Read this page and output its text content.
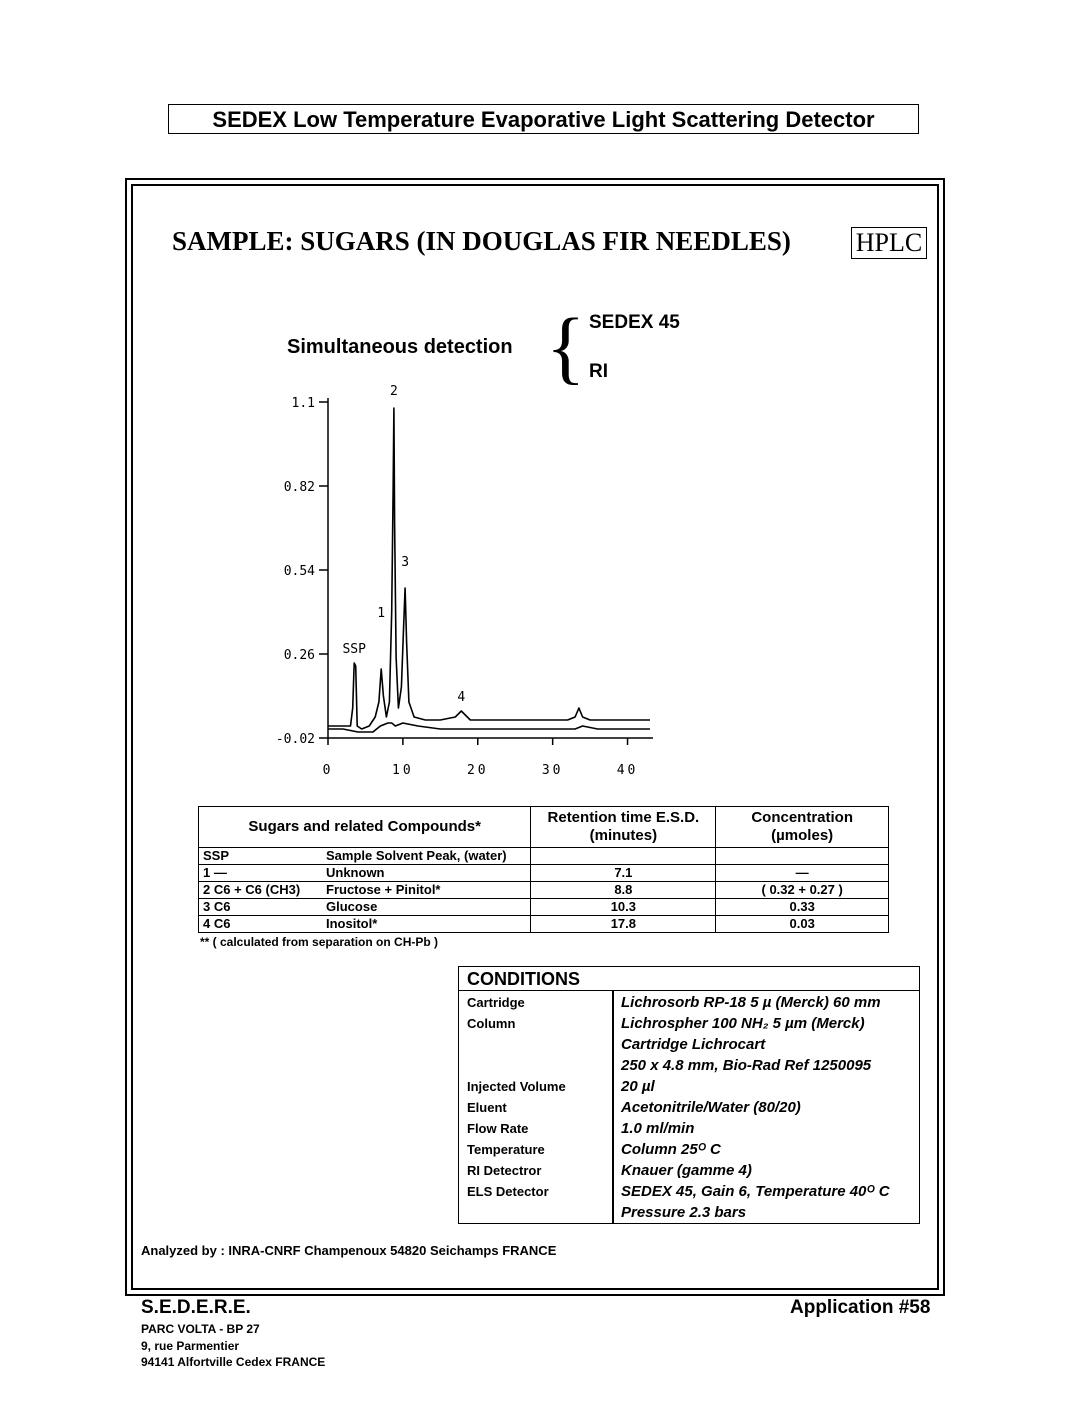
SEDEX Low Temperature Evaporative Light Scattering Detector
SAMPLE: SUGARS (IN DOUGLAS FIR NEEDLES) HPLC
Simultaneous detection { SEDEX 45
RI
1.1
0.82
0.54
0.26
-0.02
0	10	20	30	40
SSP
1
2
3
4
Sugars and related Compounds*		Retention time E.S.D. (minutes)	Concentration (µmoles)
SSP	Sample Solvent Peak, (water)		
1 —	Unknown	7.1	—
2 C6 + C6 (CH3)	Fructose + Pinitol*	8.8	( 0.32 + 0.27 )
3 C6	Glucose	10.3	0.33
4 C6	Inositol*	17.8	0.03
** ( calculated from separation on CH-Pb )
CONDITIONS
Cartridge	Lichrosorb RP-18 5 µ (Merck) 60 mm
Column	Lichrospher 100 NH₂ 5 µm (Merck)
Cartridge Lichrocart
250 x 4.8 mm, Bio-Rad Ref 1250095
Injected Volume	20 µl
Eluent	Acetonitrile/Water (80/20)
Flow Rate	1.0 ml/min
Temperature	Column 25ᴼ C
RI Detectror	Knauer (gamme 4)
ELS Detector	SEDEX 45, Gain 6, Temperature 40ᴼ C
Pressure 2.3 bars
Analyzed by : INRA-CNRF Champenoux 54820 Seichamps FRANCE
S.E.D.E.R.E.
PARC VOLTA - BP 27
9, rue Parmentier
94141 Alfortville Cedex FRANCE
Application #58
